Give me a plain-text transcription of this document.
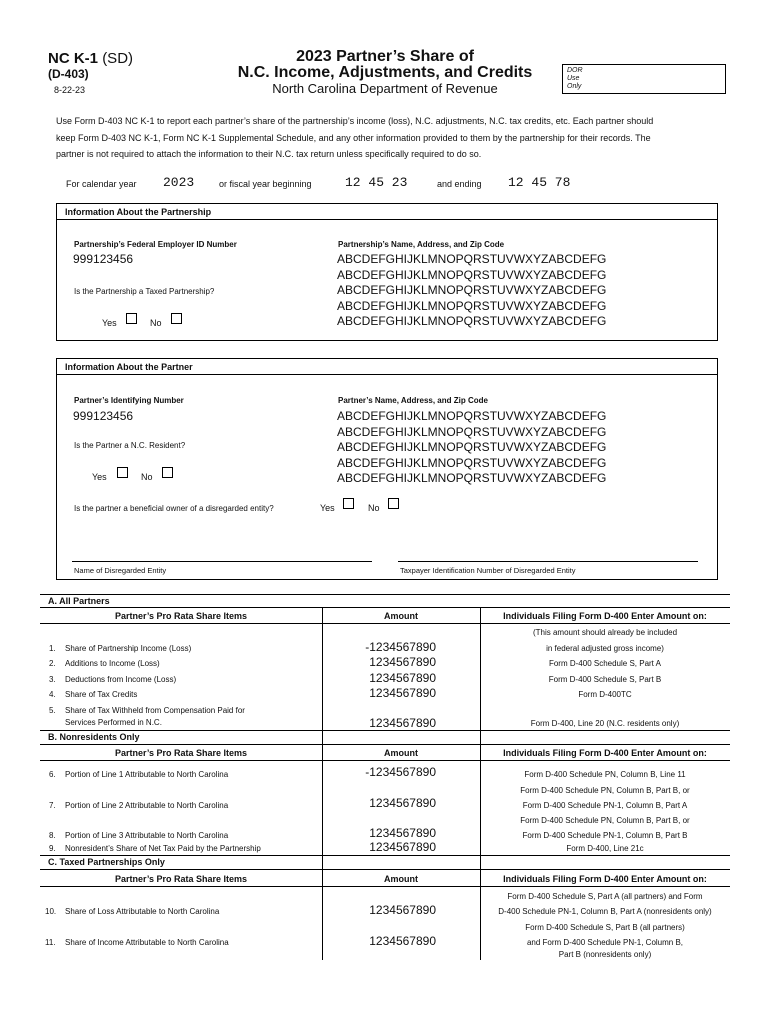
NC K-1 (SD)
(D-403)
8-22-23
2023 Partner’s Share of
N.C. Income, Adjustments, and Credits
North Carolina Department of Revenue
DOR
Use
Only
Use Form D-403 NC K-1 to report each partner’s share of the partnership’s income (loss), N.C. adjustments, N.C. tax credits, etc. Each partner should
keep Form D-403 NC K-1, Form NC K-1 Supplemental Schedule, and any other information provided to them by the partnership for their records. The
partner is not required to attach the information to their N.C. tax return unless specifically required to do so.
For calendar year 2023	or fiscal year beginning	12 45 23	and ending 12 45 78
Information About the Partnership
Partnership’s Federal Employer ID Number
999123456
Is the Partnership a Taxed Partnership?
Yes	No
Partnership’s Name, Address, and Zip Code
ABCDEFGHIJKLMNOPQRSTUVWXYZABCDEFG
ABCDEFGHIJKLMNOPQRSTUVWXYZABCDEFG
ABCDEFGHIJKLMNOPQRSTUVWXYZABCDEFG
ABCDEFGHIJKLMNOPQRSTUVWXYZABCDEFG
ABCDEFGHIJKLMNOPQRSTUVWXYZABCDEFG
Information About the Partner
Partner’s Identifying Number
999123456
Is the Partner a N.C. Resident?
Yes	No
Partner’s Name, Address, and Zip Code
ABCDEFGHIJKLMNOPQRSTUVWXYZABCDEFG
ABCDEFGHIJKLMNOPQRSTUVWXYZABCDEFG
ABCDEFGHIJKLMNOPQRSTUVWXYZABCDEFG
ABCDEFGHIJKLMNOPQRSTUVWXYZABCDEFG
ABCDEFGHIJKLMNOPQRSTUVWXYZABCDEFG
Is the partner a beneficial owner of a disregarded entity?	Yes	No
Name of Disregarded Entity	Taxpayer Identification Number of Disregarded Entity
A. All Partners
Partner’s Pro Rata Share Items	Amount	Individuals Filing Form D-400 Enter Amount on:
(This amount should already be included
in federal adjusted gross income)
1. Share of Partnership Income (Loss)	-1234567890
2. Additions to Income (Loss)	1234567890	Form D-400 Schedule S, Part A
3. Deductions from Income (Loss)	1234567890	Form D-400 Schedule S, Part B
4. Share of Tax Credits	1234567890	Form D-400TC
5. Share of Tax Withheld from Compensation Paid for
Services Performed in N.C.	1234567890	Form D-400, Line 20 (N.C. residents only)
B. Nonresidents Only
Partner’s Pro Rata Share Items	Amount	Individuals Filing Form D-400 Enter Amount on:
6. Portion of Line 1 Attributable to North Carolina	-1234567890	Form D-400 Schedule PN, Column B, Line 11
Form D-400 Schedule PN, Column B, Part B, or
7. Portion of Line 2 Attributable to North Carolina	1234567890	Form D-400 Schedule PN-1, Column B, Part A
Form D-400 Schedule PN, Column B, Part B, or
8. Portion of Line 3 Attributable to North Carolina	1234567890	Form D-400 Schedule PN-1, Column B, Part B
9. Nonresident’s Share of Net Tax Paid by the Partnership	1234567890	Form D-400, Line 21c
C. Taxed Partnerships Only
Partner’s Pro Rata Share Items	Amount	Individuals Filing Form D-400 Enter Amount on:
Form D-400 Schedule S, Part A (all partners) and Form
10. Share of Loss Attributable to North Carolina	1234567890	D-400 Schedule PN-1, Column B, Part A (nonresidents only)
Form D-400 Schedule S, Part B (all partners)
11. Share of Income Attributable to North Carolina	1234567890	and Form D-400 Schedule PN-1, Column B,
Part B (nonresidents only)
